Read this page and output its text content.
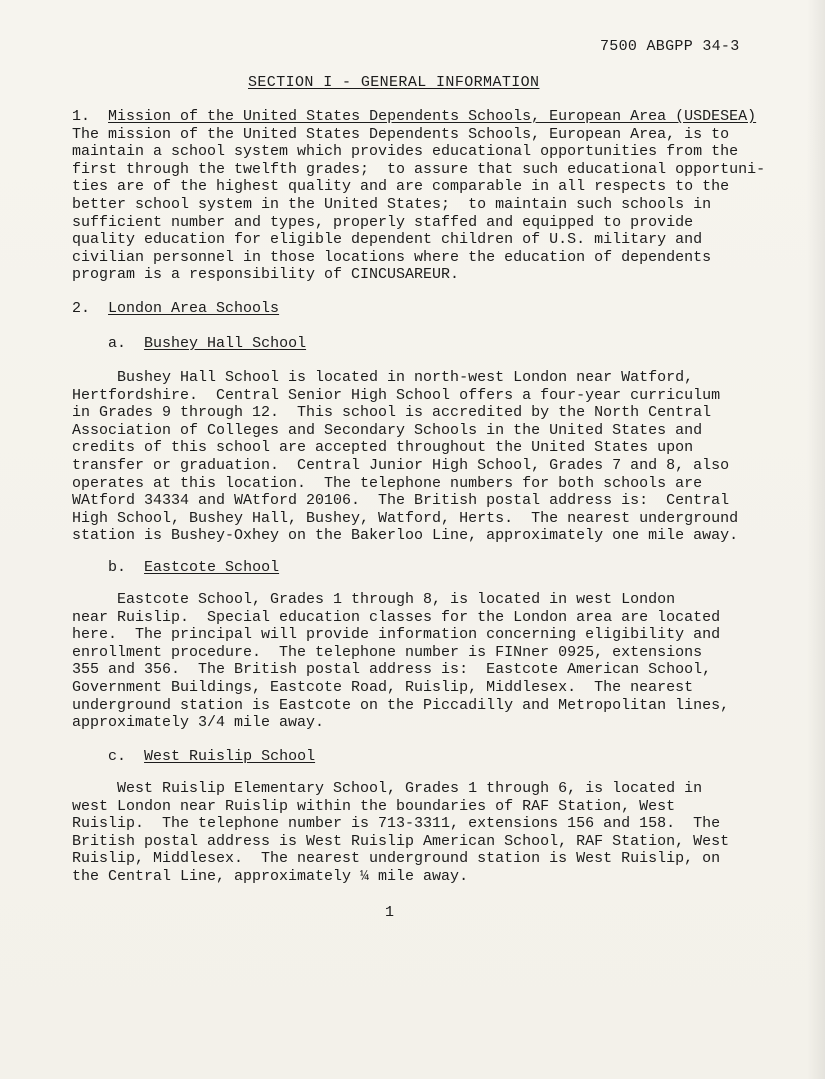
7500 ABGPP 34-3
SECTION I - GENERAL INFORMATION
1. Mission of the United States Dependents Schools, European Area (USDESEA)
The mission of the United States Dependents Schools, European Area, is to
maintain a school system which provides educational opportunities from the
first through the twelfth grades;  to assure that such educational opportuni-
ties are of the highest quality and are comparable in all respects to the
better school system in the United States;  to maintain such schools in
sufficient number and types, properly staffed and equipped to provide
quality education for eligible dependent children of U.S. military and
civilian personnel in those locations where the education of dependents
program is a responsibility of CINCUSAREUR.
2. London Area Schools
a. Bushey Hall School
Bushey Hall School is located in north-west London near Watford,
Hertfordshire.  Central Senior High School offers a four-year curriculum
in Grades 9 through 12.  This school is accredited by the North Central
Association of Colleges and Secondary Schools in the United States and
credits of this school are accepted throughout the United States upon
transfer or graduation.  Central Junior High School, Grades 7 and 8, also
operates at this location.  The telephone numbers for both schools are
WAtford 34334 and WAtford 20106.  The British postal address is:  Central
High School, Bushey Hall, Bushey, Watford, Herts.  The nearest underground
station is Bushey-Oxhey on the Bakerloo Line, approximately one mile away.
b. Eastcote School
Eastcote School, Grades 1 through 8, is located in west London
near Ruislip.  Special education classes for the London area are located
here.  The principal will provide information concerning eligibility and
enrollment procedure.  The telephone number is FINner 0925, extensions
355 and 356.  The British postal address is:  Eastcote American School,
Government Buildings, Eastcote Road, Ruislip, Middlesex.  The nearest
underground station is Eastcote on the Piccadilly and Metropolitan lines,
approximately 3/4 mile away.
c. West Ruislip School
West Ruislip Elementary School, Grades 1 through 6, is located in
west London near Ruislip within the boundaries of RAF Station, West
Ruislip.  The telephone number is 713-3311, extensions 156 and 158.  The
British postal address is West Ruislip American School, RAF Station, West
Ruislip, Middlesex.  The nearest underground station is West Ruislip, on
the Central Line, approximately ¼ mile away.
1
